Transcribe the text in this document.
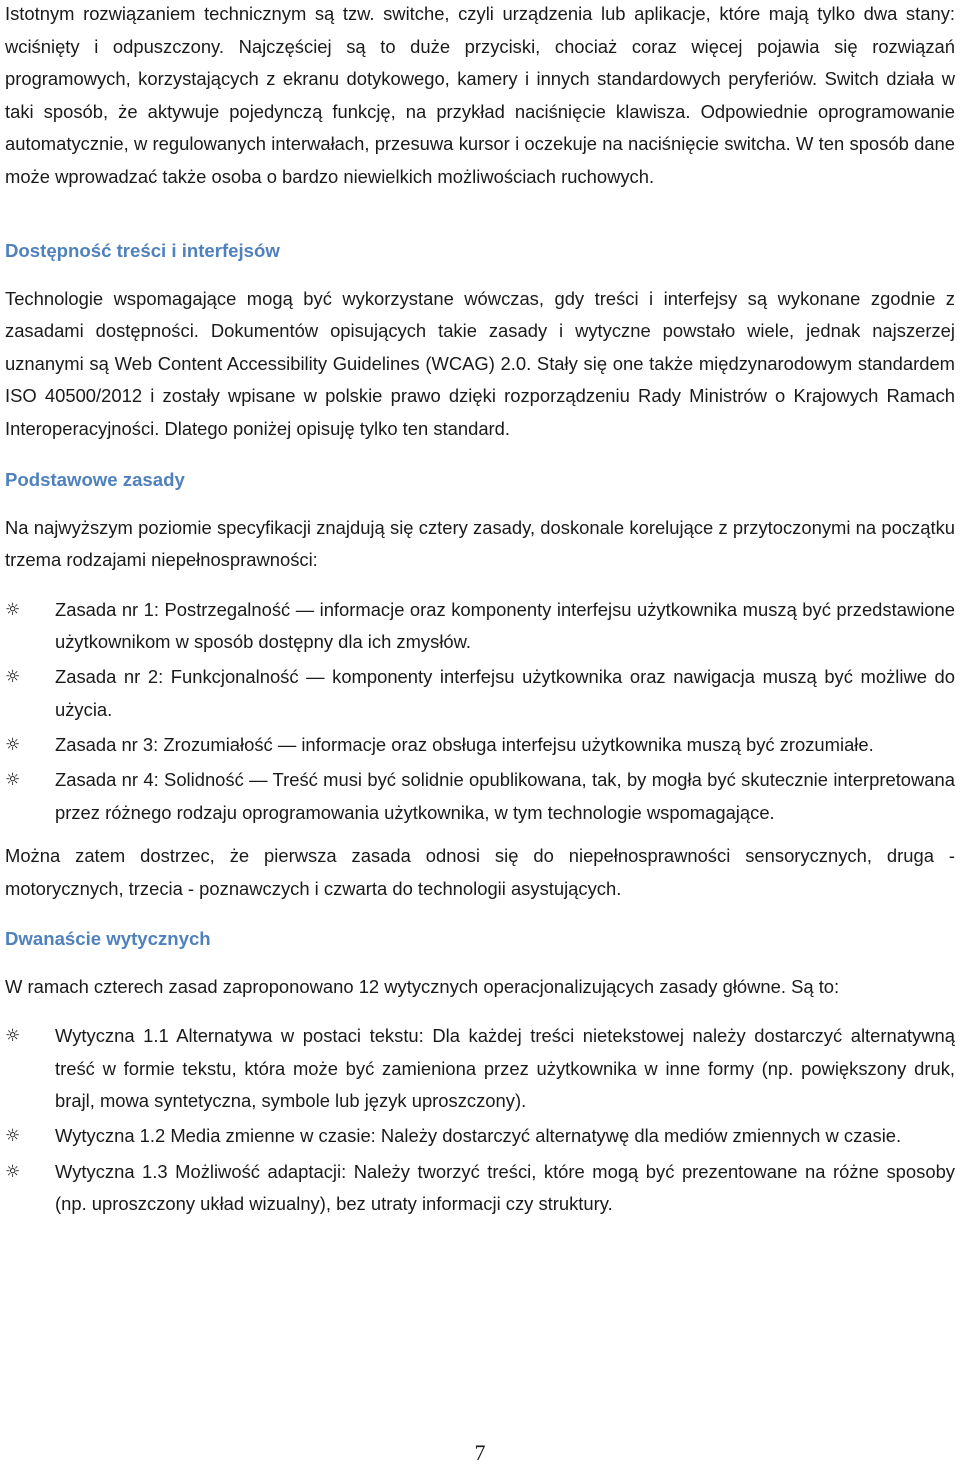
Istotnym rozwiązaniem technicznym są tzw. switche, czyli urządzenia lub aplikacje, które mają tylko dwa stany: wciśnięty i odpuszczony. Najczęściej są to duże przyciski, chociaż coraz więcej pojawia się rozwiązań programowych, korzystających z ekranu dotykowego, kamery i innych standardowych peryferiów. Switch działa w taki sposób, że aktywuje pojedynczą funkcję, na przykład naciśnięcie klawisza. Odpowiednie oprogramowanie automatycznie, w regulowanych interwałach, przesuwa kursor i oczekuje na naciśnięcie switcha. W ten sposób dane może wprowadzać także osoba o bardzo niewielkich możliwościach ruchowych.

Dostępność treści i interfejsów

Technologie wspomagające mogą być wykorzystane wówczas, gdy treści i interfejsy są wykonane zgodnie z zasadami dostępności. Dokumentów opisujących takie zasady i wytyczne powstało wiele, jednak najszerzej uznanymi są Web Content Accessibility Guidelines (WCAG) 2.0. Stały się one także międzynarodowym standardem ISO 40500/2012 i zostały wpisane w polskie prawo dzięki rozporządzeniu Rady Ministrów o Krajowych Ramach Interoperacyjności. Dlatego poniżej opisuję tylko ten standard.

Podstawowe zasady

Na najwyższym poziomie specyfikacji znajdują się cztery zasady, doskonale korelujące z przytoczonymi na początku trzema rodzajami niepełnosprawności:

☼ Zasada nr 1: Postrzegalność — informacje oraz komponenty interfejsu użytkownika muszą być przedstawione użytkownikom w sposób dostępny dla ich zmysłów.
☼ Zasada nr 2: Funkcjonalność — komponenty interfejsu użytkownika oraz nawigacja muszą być możliwe do użycia.
☼ Zasada nr 3: Zrozumiałość — informacje oraz obsługa interfejsu użytkownika muszą być zrozumiałe.
☼ Zasada nr 4: Solidność — Treść musi być solidnie opublikowana, tak, by mogła być skutecznie interpretowana przez różnego rodzaju oprogramowania użytkownika, w tym technologie wspomagające.

Można zatem dostrzec, że pierwsza zasada odnosi się do niepełnosprawności sensorycznych, druga - motorycznych, trzecia - poznawczych i czwarta do technologii asystujących.

Dwanaście wytycznych

W ramach czterech zasad zaproponowano 12 wytycznych operacjonalizujących zasady główne. Są to:

☼ Wytyczna 1.1 Alternatywa w postaci tekstu: Dla każdej treści nietekstowej należy dostarczyć alternatywną treść w formie tekstu, która może być zamieniona przez użytkownika w inne formy (np. powiększony druk, brajl, mowa syntetyczna, symbole lub język uproszczony).
☼ Wytyczna 1.2 Media zmienne w czasie: Należy dostarczyć alternatywę dla mediów zmiennych w czasie.
☼ Wytyczna 1.3 Możliwość adaptacji: Należy tworzyć treści, które mogą być prezentowane na różne sposoby (np. uproszczony układ wizualny), bez utraty informacji czy struktury.
7
